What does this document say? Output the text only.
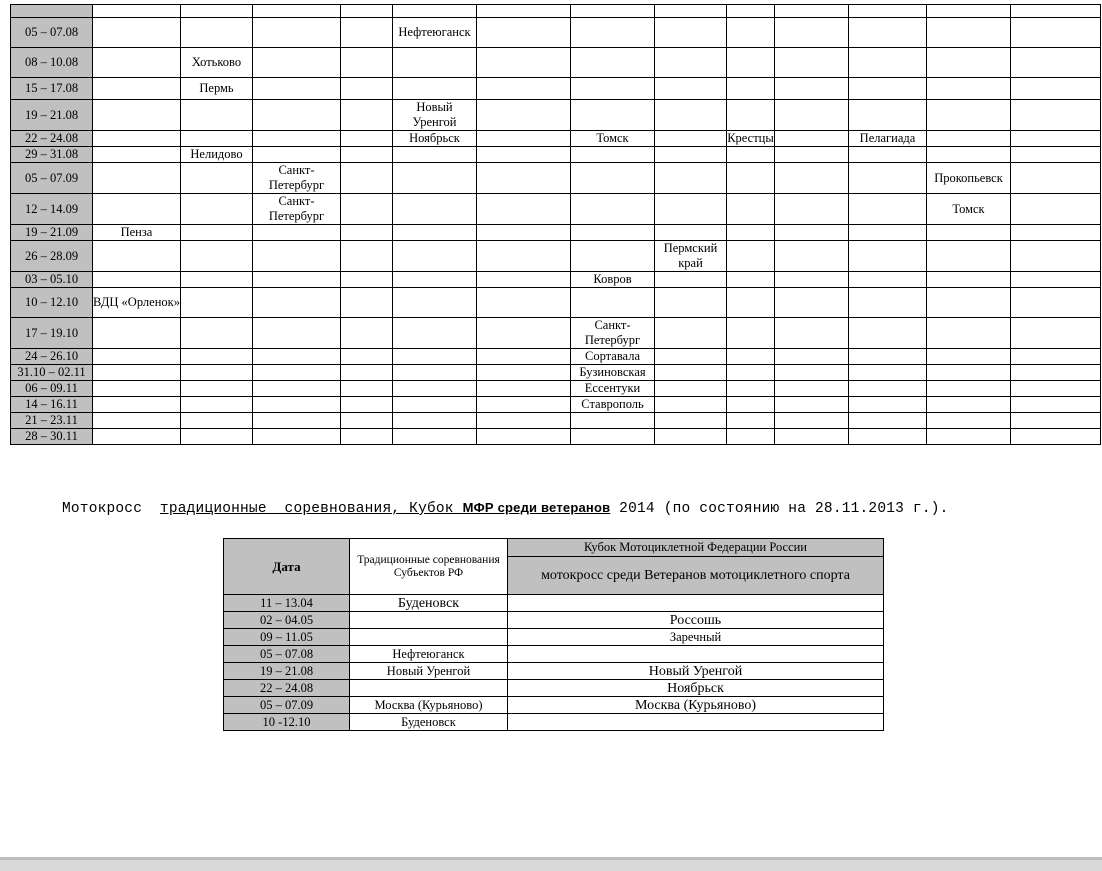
05 – 07.08					Нефтеюганск								
08 – 10.08		Хотьково											
15 – 17.08		Пермь											
19 – 21.08					Новый Уренгой								
22 – 24.08					Ноябрьск		Томск		Крестцы		Пелагиада		
29 – 31.08		Нелидово											
05 – 07.09			Санкт-Петербург									Прокопьевск	
12 – 14.09			Санкт-Петербург									Томск	
19 – 21.09	Пенза												
26 – 28.09								Пермский край					
03 – 05.10							Ковров						
10 – 12.10	ВДЦ «Орленок»												
17 – 19.10							Санкт-Петербург						
24 – 26.10							Сортавала						
31.10 – 02.11							Бузиновская						
06 – 09.11							Ессентуки						
14 – 16.11							Ставрополь						
21 – 23.11													
28 – 30.11													
Мотокросс  традиционные  соревнования, Кубок МФР среди ветеранов 2014 (по состоянию на 28.11.2013 г.).
Дата	Традиционные соревнования Субъектов РФ	Кубок Мотоциклетной Федерации России
		мотокросс среди Ветеранов мотоциклетного спорта
11 – 13.04	Буденовск	
02 – 04.05		Россошь
09 – 11.05		Заречный
05 – 07.08	Нефтеюганск	
19 – 21.08	Новый Уренгой	Новый Уренгой
22 – 24.08		Ноябрьск
05 – 07.09	Москва (Курьяново)	Москва (Курьяново)
10 -12.10	Буденовск	
